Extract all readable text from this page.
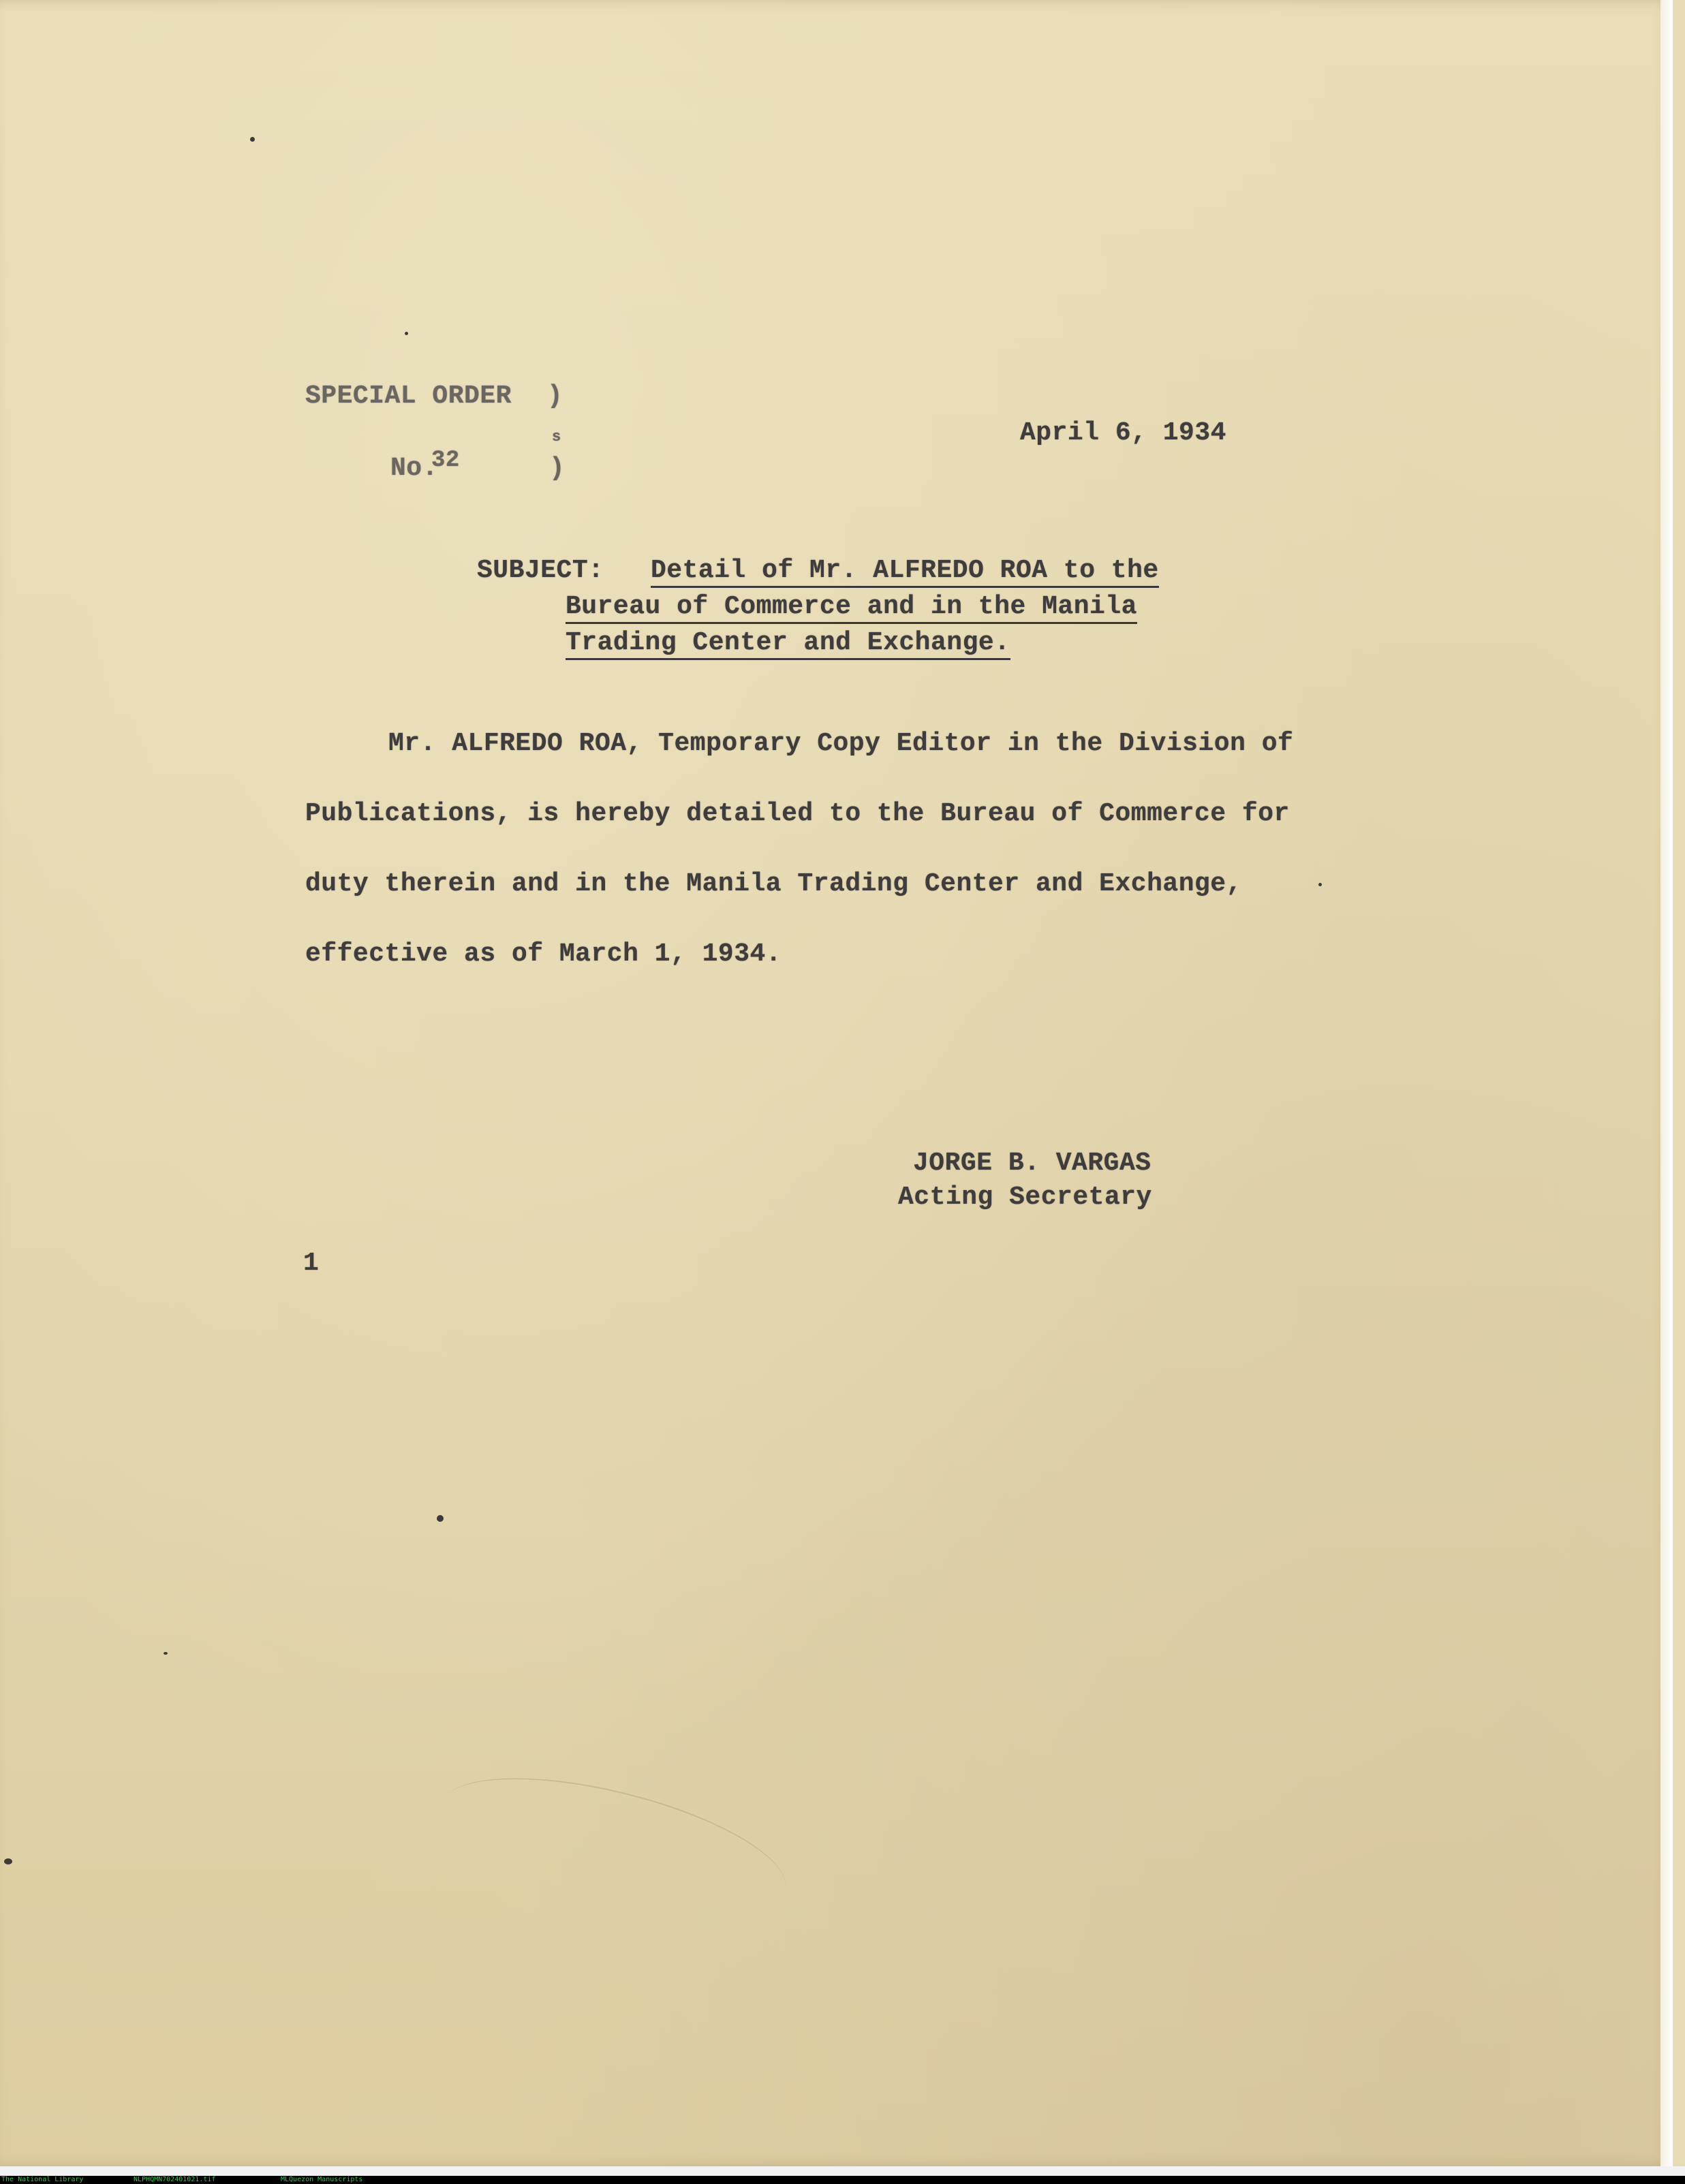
SPECIAL ORDER )
No.
32
s
)
April 6, 1934
SUBJECT: Detail of Mr. ALFREDO ROA to the
Bureau of Commerce and in the Manila
Trading Center and Exchange.
Mr. ALFREDO ROA, Temporary Copy Editor in the Division of
Publications, is hereby detailed to the Bureau of Commerce for
duty therein and in the Manila Trading Center and Exchange,
effective as of March 1, 1934.
JORGE B. VARGAS
Acting Secretary
1
The National Library	NLPHQMN702401021.tif	MLQuezon Manuscripts
